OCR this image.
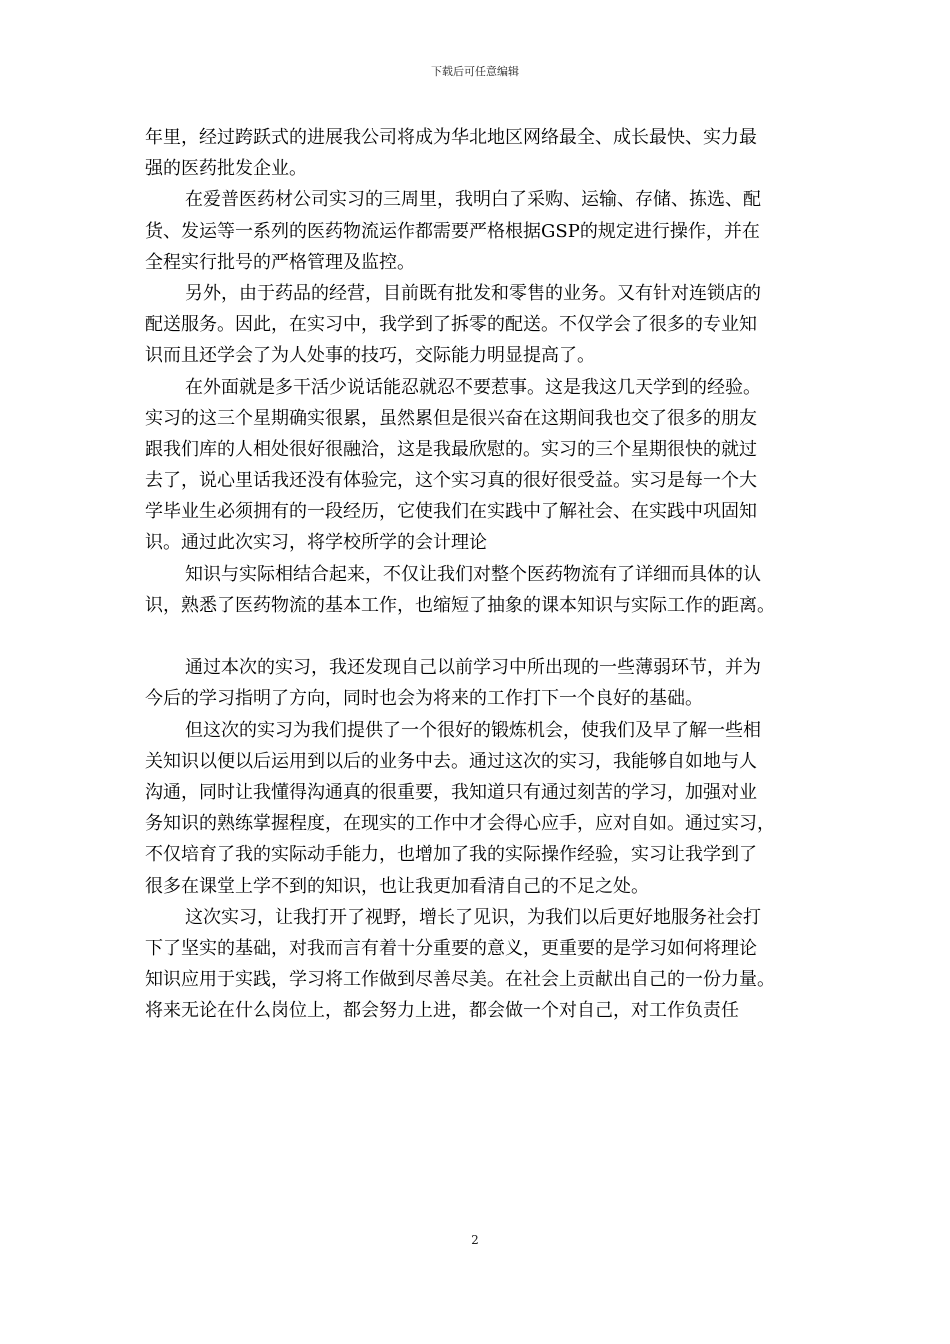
下载后可任意编辑
年里，经过跨跃式的进展我公司将成为华北地区网络最全、成长最快、实力最
强的医药批发企业。
在爱普医药材公司实习的三周里，我明白了采购、运输、存储、拣选、配
货、发运等一系列的医药物流运作都需要严格根据GSP的规定进行操作，并在
全程实行批号的严格管理及监控。
另外，由于药品的经营，目前既有批发和零售的业务。又有针对连锁店的
配送服务。因此，在实习中，我学到了拆零的配送。不仅学会了很多的专业知
识而且还学会了为人处事的技巧，交际能力明显提高了。
在外面就是多干活少说话能忍就忍不要惹事。这是我这几天学到的经验。
实习的这三个星期确实很累，虽然累但是很兴奋在这期间我也交了很多的朋友
跟我们库的人相处很好很融洽，这是我最欣慰的。实习的三个星期很快的就过
去了，说心里话我还没有体验完，这个实习真的很好很受益。实习是每一个大
学毕业生必须拥有的一段经历，它使我们在实践中了解社会、在实践中巩固知
识。通过此次实习，将学校所学的会计理论
知识与实际相结合起来，不仅让我们对整个医药物流有了详细而具体的认
识，熟悉了医药物流的基本工作，也缩短了抽象的课本知识与实际工作的距离。
通过本次的实习，我还发现自己以前学习中所出现的一些薄弱环节，并为
今后的学习指明了方向，同时也会为将来的工作打下一个良好的基础。
但这次的实习为我们提供了一个很好的锻炼机会，使我们及早了解一些相
关知识以便以后运用到以后的业务中去。通过这次的实习，我能够自如地与人
沟通，同时让我懂得沟通真的很重要，我知道只有通过刻苦的学习，加强对业
务知识的熟练掌握程度，在现实的工作中才会得心应手，应对自如。通过实习，
不仅培育了我的实际动手能力，也增加了我的实际操作经验，实习让我学到了
很多在课堂上学不到的知识，也让我更加看清自己的不足之处。
这次实习，让我打开了视野，增长了见识，为我们以后更好地服务社会打
下了坚实的基础，对我而言有着十分重要的意义，更重要的是学习如何将理论
知识应用于实践，学习将工作做到尽善尽美。在社会上贡献出自己的一份力量。
将来无论在什么岗位上，都会努力上进，都会做一个对自己，对工作负责任
2
